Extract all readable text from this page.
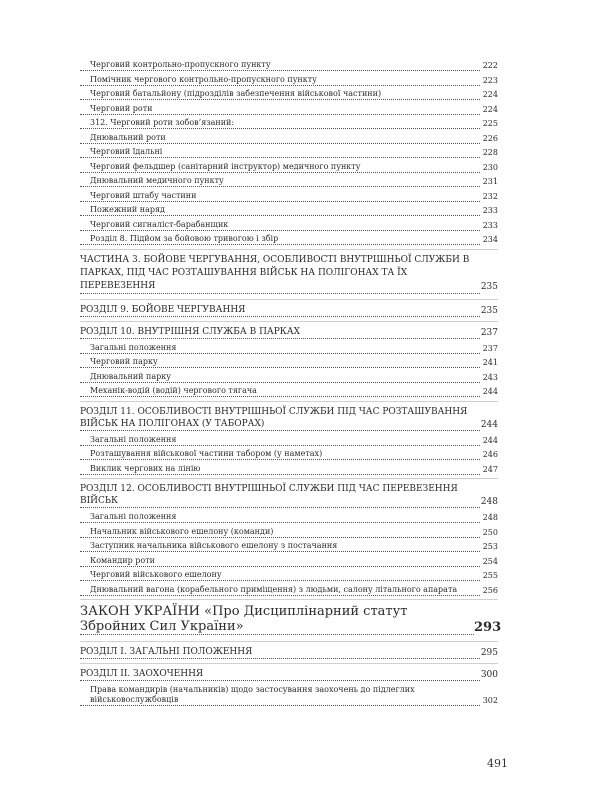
Черговий контрольно-пропускного пункту	222
Помічник чергового контрольно-пропускного пункту	223
Черговий батальйону (підрозділів забезпечення військової частини)	224
Черговий роти	224
312. Черговий роти зобов’язаний:	225
Днювальний роти	226
Черговий їдальні	228
Черговий фельдшер (санітарний інструктор) медичного пункту	230
Днювальний медичного пункту	231
Черговий штабу частини	232
Пожежний наряд	233
Черговий сигналіст-барабанщик	233
Розділ 8. Підйом за бойовою тривогою і збір	234
ЧАСТИНА 3. БОЙОВЕ ЧЕРГУВАННЯ, ОСОБЛИВОСТІ ВНУТРІШНЬОЇ СЛУЖБИ В ПАРКАХ, ПІД ЧАС РОЗТАШУВАННЯ ВІЙСЬК НА ПОЛІГОНАХ ТА ЇХ ПЕРЕВЕЗЕННЯ	235
РОЗДІЛ 9. БОЙОВЕ ЧЕРГУВАННЯ	235
РОЗДІЛ 10. ВНУТРІШНЯ СЛУЖБА В ПАРКАХ	237
Загальні положення	237
Черговий парку	241
Днювальний парку	243
Механік-водій (водій) чергового тягача	244
РОЗДІЛ 11. ОСОБЛИВОСТІ ВНУТРІШНЬОЇ СЛУЖБИ ПІД ЧАС РОЗТАШУВАННЯ ВІЙСЬК НА ПОЛІГОНАХ (У ТАБОРАХ)	244
Загальні положення	244
Розташування військової частини табором (у наметах)	246
Виклик чергових на лінію	247
РОЗДІЛ 12. ОСОБЛИВОСТІ ВНУТРІШНЬОЇ СЛУЖБИ ПІД ЧАС ПЕРЕВЕЗЕННЯ ВІЙСЬК	248
Загальні положення	248
Начальник військового ешелону (команди)	250
Заступник начальника військового ешелону з постачання	253
Командир роти	254
Черговий військового ешелону	255
Днювальний вагона (корабельного приміщення) з людьми, салону літального апарата	256
ЗАКОН УКРАЇНИ «Про Дисциплінарний статут Збройних Сил України»	293
РОЗДІЛ I. ЗАГАЛЬНІ ПОЛОЖЕННЯ	295
РОЗДІЛ II. ЗАОХОЧЕННЯ	300
Права командирів (начальників) щодо застосування заохочень до підлеглих військовослужбовців	302
491
